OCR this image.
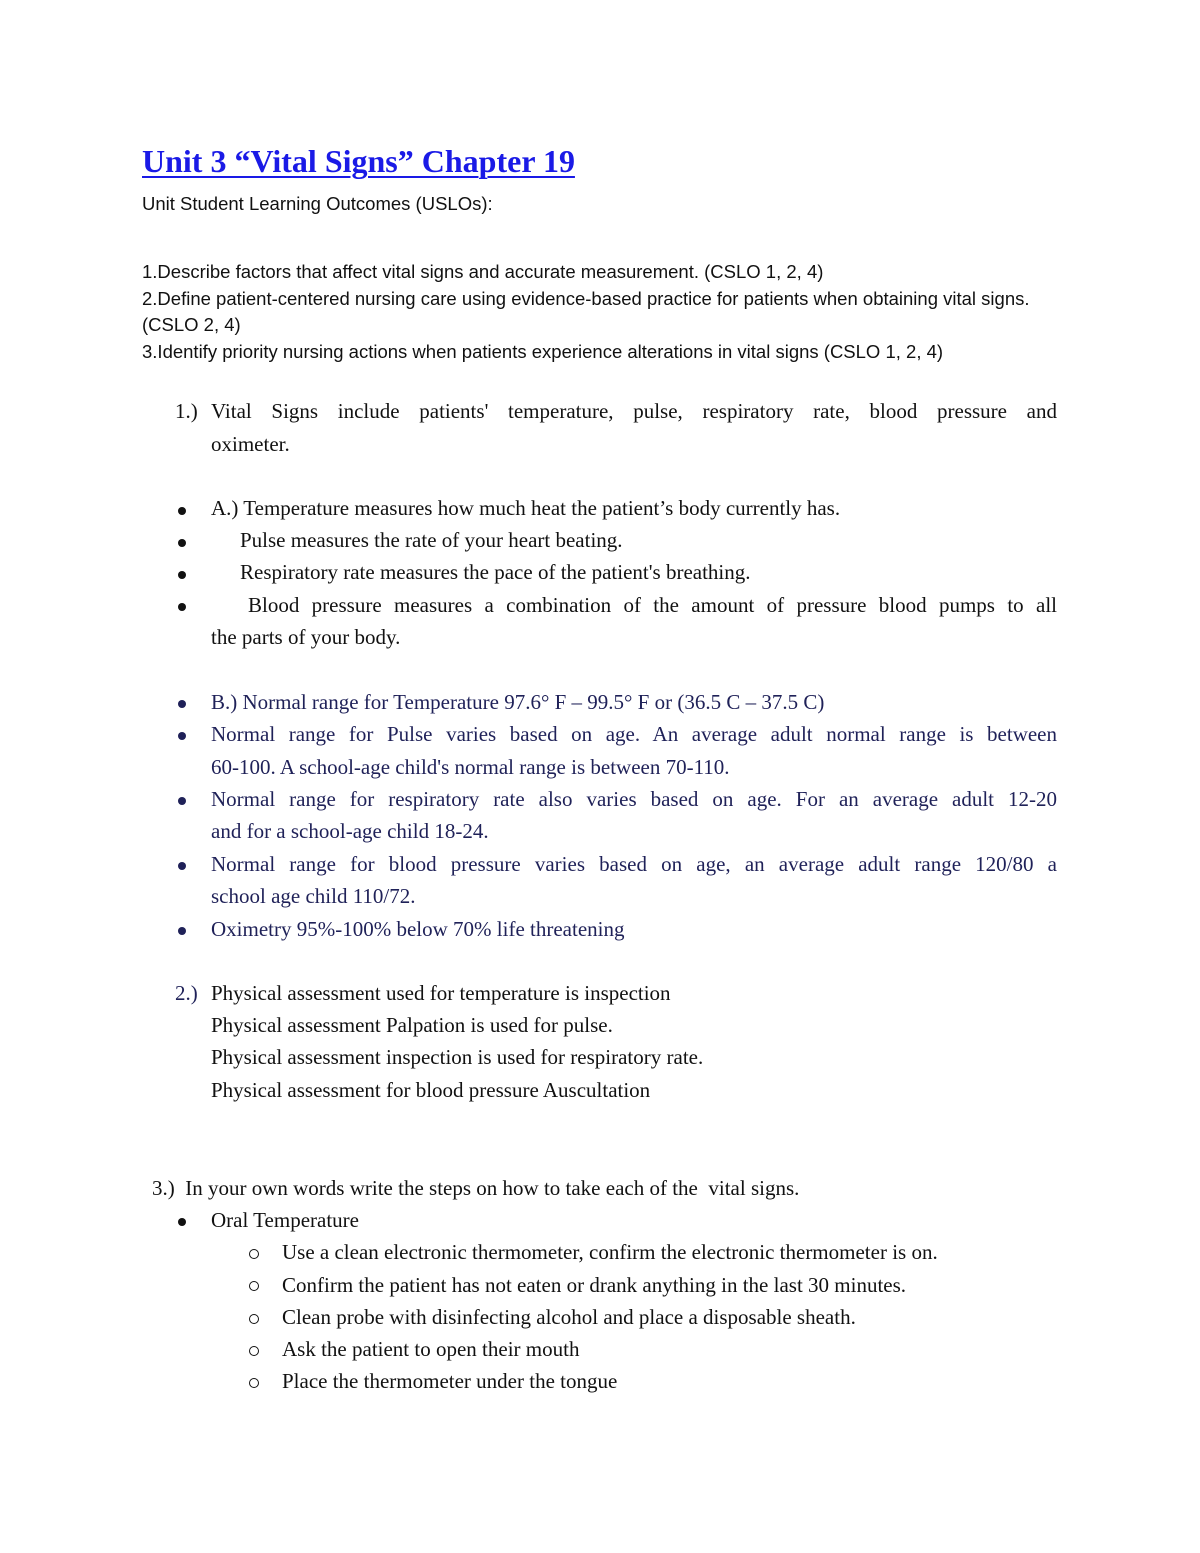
Unit 3 “Vital Signs” Chapter 19

Unit Student Learning Outcomes (USLOs):

1.Describe factors that affect vital signs and accurate measurement. (CSLO 1, 2, 4)

2.Define patient-centered nursing care using evidence-based practice for patients when obtaining vital signs.

(CSLO 2, 4)

3.Identify priority nursing actions when patients experience alterations in vital signs (CSLO 1, 2, 4)

1.) Vital Signs include patients' temperature, pulse, respiratory rate, blood pressure and

oximeter.

A.) Temperature measures how much heat the patient’s body currently has.

Pulse measures the rate of your heart beating.

Respiratory rate measures the pace of the patient's breathing.

Blood pressure measures a combination of the amount of pressure blood pumps to all

the parts of your body.

B.) Normal range for Temperature 97.6° F – 99.5° F or (36.5 C – 37.5 C)

Normal range for Pulse varies based on age. An average adult normal range is between

60-100. A school-age child's normal range is between 70-110.

Normal range for respiratory rate also varies based on age. For an average adult 12-20

and for a school-age child 18-24.

Normal range for blood pressure varies based on age, an average adult range 120/80 a

school age child 110/72.

Oximetry 95%-100% below 70% life threatening

2.) Physical assessment used for temperature is inspection

Physical assessment Palpation is used for pulse.

Physical assessment inspection is used for respiratory rate.

Physical assessment for blood pressure Auscultation

3.)  In your own words write the steps on how to take each of the  vital signs.

Oral Temperature

Use a clean electronic thermometer, confirm the electronic thermometer is on.

Confirm the patient has not eaten or drank anything in the last 30 minutes.

Clean probe with disinfecting alcohol and place a disposable sheath.

Ask the patient to open their mouth

Place the thermometer under the tongue
